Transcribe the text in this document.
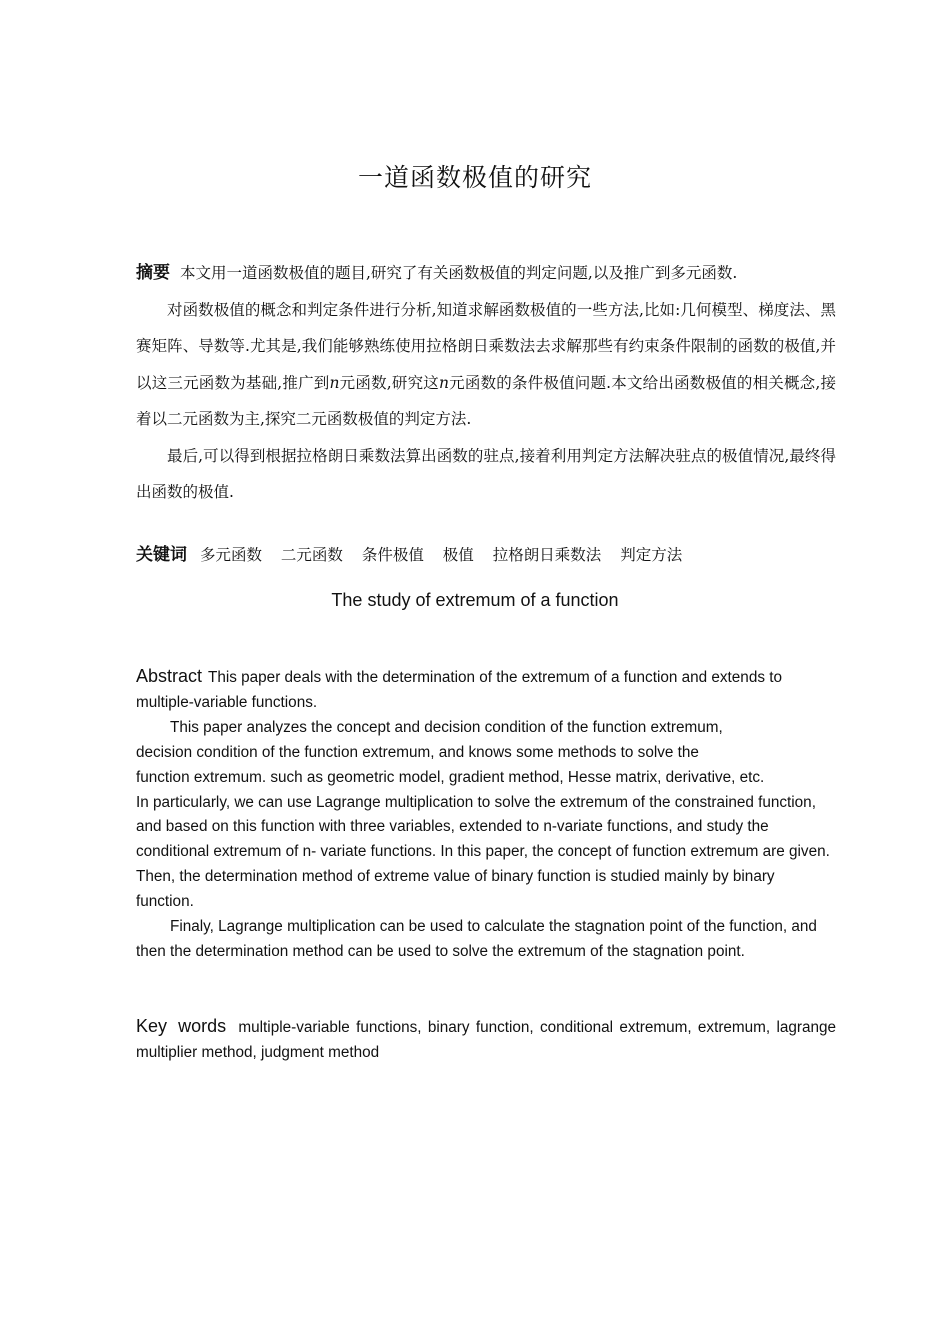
一道函数极值的研究

摘要 本文用一道函数极值的题目,研究了有关函数极值的判定问题,以及推广到多元函数.

对函数极值的概念和判定条件进行分析,知道求解函数极值的一些方法,比如:几何模型、梯度法、黑赛矩阵、导数等.尤其是,我们能够熟练使用拉格朗日乘数法去求解那些有约束条件限制的函数的极值,并以这三元函数为基础,推广到n元函数,研究这n元函数的条件极值问题.本文给出函数极值的相关概念,接着以二元函数为主,探究二元函数极值的判定方法.

最后,可以得到根据拉格朗日乘数法算出函数的驻点,接着利用判定方法解决驻点的极值情况,最终得出函数的极值.

关键词 多元函数 二元函数 条件极值 极值 拉格朗日乘数法 判定方法
The study of extremum of a function

Abstract This paper deals with the determination of the extremum of a function and extends to multiple-variable functions.

This paper analyzes the concept and decision condition of the function extremum,
decision condition of the function extremum, and knows some methods to solve the
function extremum. such as geometric model, gradient method, Hesse matrix, derivative, etc.
In particularly, we can use Lagrange multiplication to solve the extremum of the constrained function, and based on this function with three variables, extended to n-variate functions, and study the conditional extremum of n- variate functions. In this paper, the concept of function extremum are given. Then, the determination method of extreme value of binary function is studied mainly by binary function.

Finaly, Lagrange multiplication can be used to calculate the stagnation point of the function, and then the determination method can be used to solve the extremum of the stagnation point.

Key words multiple-variable functions, binary function, conditional extremum, extremum, lagrange multiplier method, judgment method
